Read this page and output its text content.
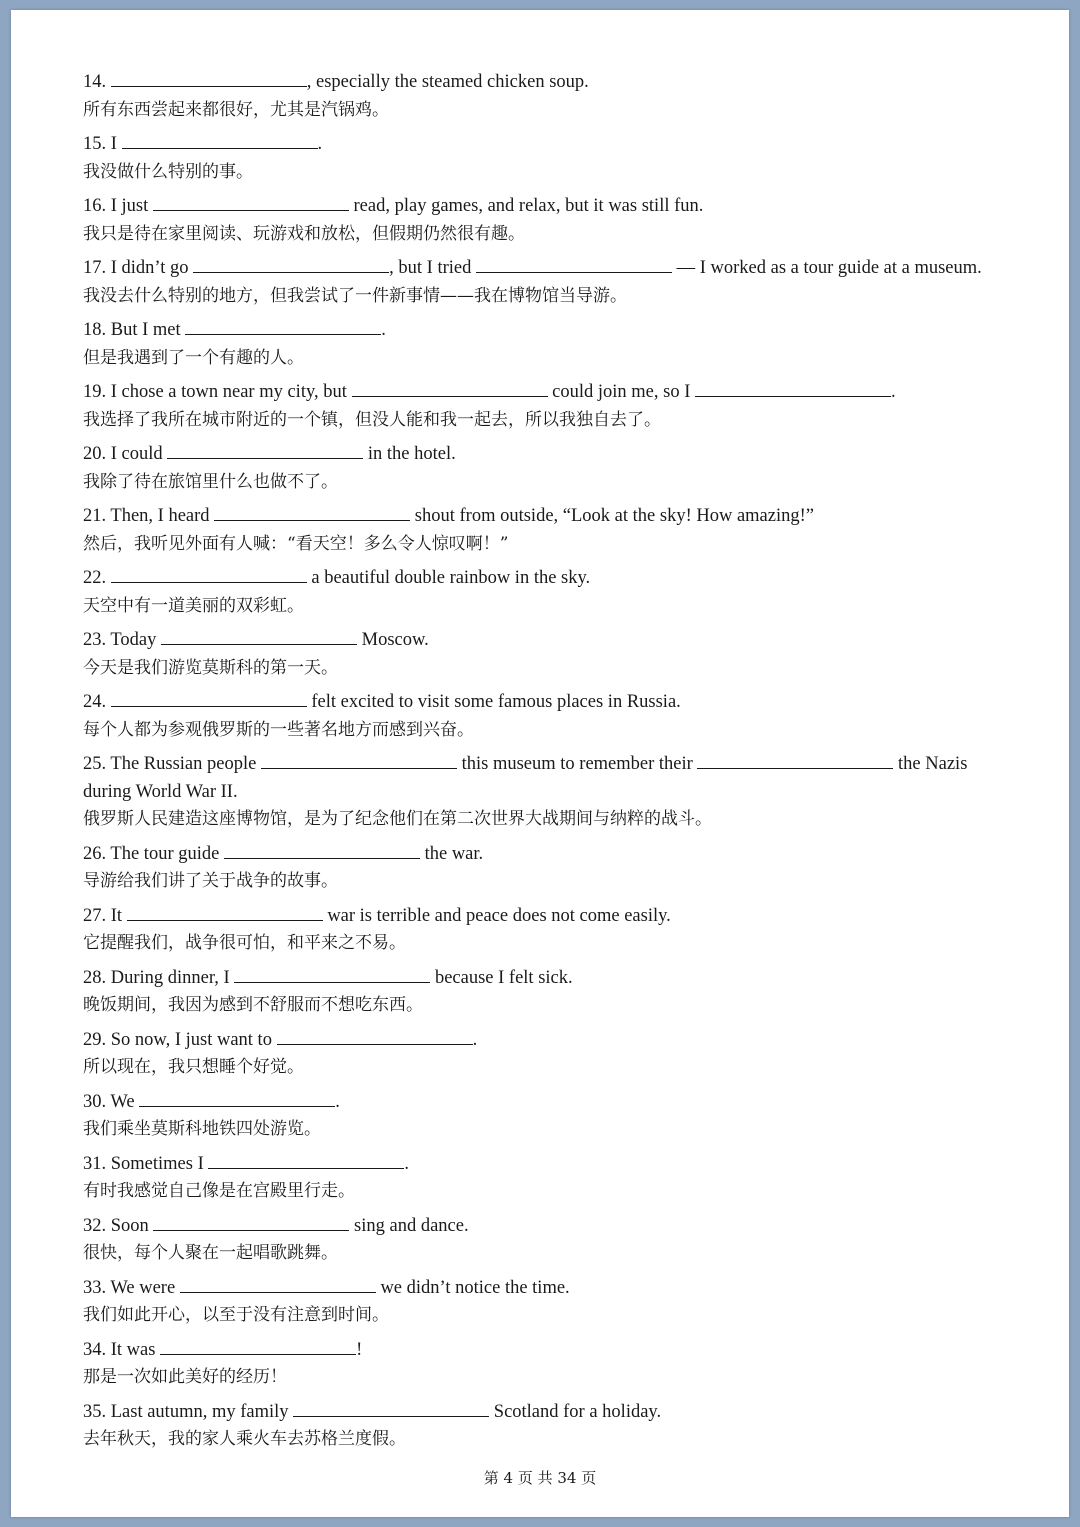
14.	, especially the steamed chicken soup.
所有东西尝起来都很好，尤其是汽锅鸡。
15. I	.
我没做什么特别的事。
16. I just	read, play games, and relax, but it was still fun.
我只是待在家里阅读、玩游戏和放松，但假期仍然很有趣。
17. I didn’t go	, but I tried	— I worked as a tour guide at a museum.
我没去什么特别的地方，但我尝试了一件新事情——我在博物馆当导游。
18. But I met	.
但是我遇到了一个有趣的人。
19. I chose a town near my city, but	could join me, so I	.
我选择了我所在城市附近的一个镇，但没人能和我一起去，所以我独自去了。
20. I could	in the hotel.
我除了待在旅馆里什么也做不了。
21. Then, I heard	shout from outside, “Look at the sky! How amazing!”
然后，我听见外面有人喊：“看天空！多么令人惊叹啊！”
22.	a beautiful double rainbow in the sky.
天空中有一道美丽的双彩虹。
23. Today	Moscow.
今天是我们游览莫斯科的第一天。
24.	felt excited to visit some famous places in Russia.
每个人都为参观俄罗斯的一些著名地方而感到兴奋。
25. The Russian people	this museum to remember their	the Nazis during World War II.
俄罗斯人民建造这座博物馆，是为了纪念他们在第二次世界大战期间与纳粹的战斗。
26. The tour guide	the war.
导游给我们讲了关于战争的故事。
27. It	war is terrible and peace does not come easily.
它提醒我们，战争很可怕，和平来之不易。
28. During dinner, I	because I felt sick.
晚饭期间，我因为感到不舒服而不想吃东西。
29. So now, I just want to	.
所以现在，我只想睡个好觉。
30. We	.
我们乘坐莫斯科地铁四处游览。
31. Sometimes I	.
有时我感觉自己像是在宫殿里行走。
32. Soon	sing and dance.
很快，每个人聚在一起唱歌跳舞。
33. We were	we didn’t notice the time.
我们如此开心，以至于没有注意到时间。
34. It was	!
那是一次如此美好的经历！
35. Last autumn, my family	Scotland for a holiday.
去年秋天，我的家人乘火车去苏格兰度假。
第 4 页 共 34 页
